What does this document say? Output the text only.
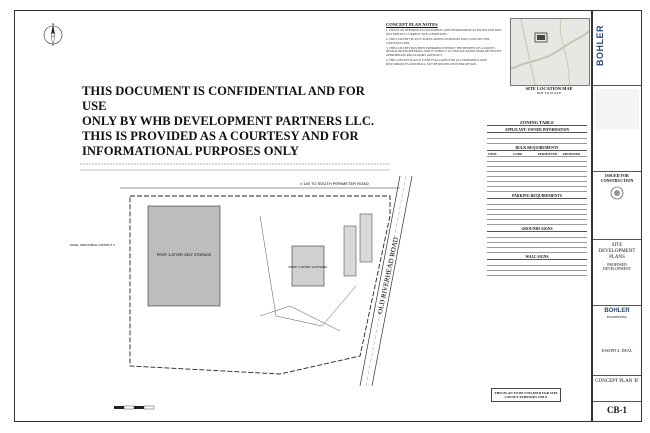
N
THIS DOCUMENT IS CONFIDENTIAL AND FOR USE
ONLY BY WHB DEVELOPMENT PARTNERS LLC.
THIS IS PROVIDED AS A COURTESY AND FOR
INFORMATIONAL PURPOSES ONLY
CONCEPT PLAN NOTES
1. THIS PLAN REFERENCES DOCUMENTS AND INFORMATION AS NOTED AND MAY NOT REFLECT CURRENT SITE CONDITIONS.
2. THIS CONCEPT PLAN IS FOR PLANNING PURPOSES ONLY AND NOT FOR CONSTRUCTION.
3. THIS CONCEPT HAS BEEN PREPARED WITHOUT THE BENEFIT OF A SURVEY, DESIGN OR ENGINEERING AND IS SUBJECT TO CHANGE BASED UPON REVIEW BY APPROPRIATE REGULATORY AGENCIES.
4. THE CONCEPT PLAN IS TO BE EVALUATED FOR ALL PROPOSED LAND DISTURBANCES AND SHALL NOT BE RELIED UPON FOR DESIGN.
SITE LOCATION MAP
NOT TO SCALE
± 140 TO SOUTH PERIMETER ROAD
PROP. 3-STORY SELF STORAGE
PROP. 1-STORY CLOTHING	OLD RIVERHEAD ROAD
ZONE: INDUSTRIAL DISTRICT 1
ZONING TABLE
APPLICANT/ OWNER INFORMATION
BULK REQUIREMENTS
ITEM	CODE	PERMITTED	PROPOSED
PARKING REQUIREMENTS
GROUNDS SIGNS
WALL SIGNS
THIS PLAN TO BE UTILIZED FOR SITE LAYOUT PURPOSES ONLY
BOHLER
ISSUED FOR CONSTRUCTION
SITE DEVELOPMENT PLANS
PROPOSED DEVELOPMENT
BOHLER
ENGINEERING
JOSEPH A. DEAL
CONCEPT PLAN 'B'
CB-1
